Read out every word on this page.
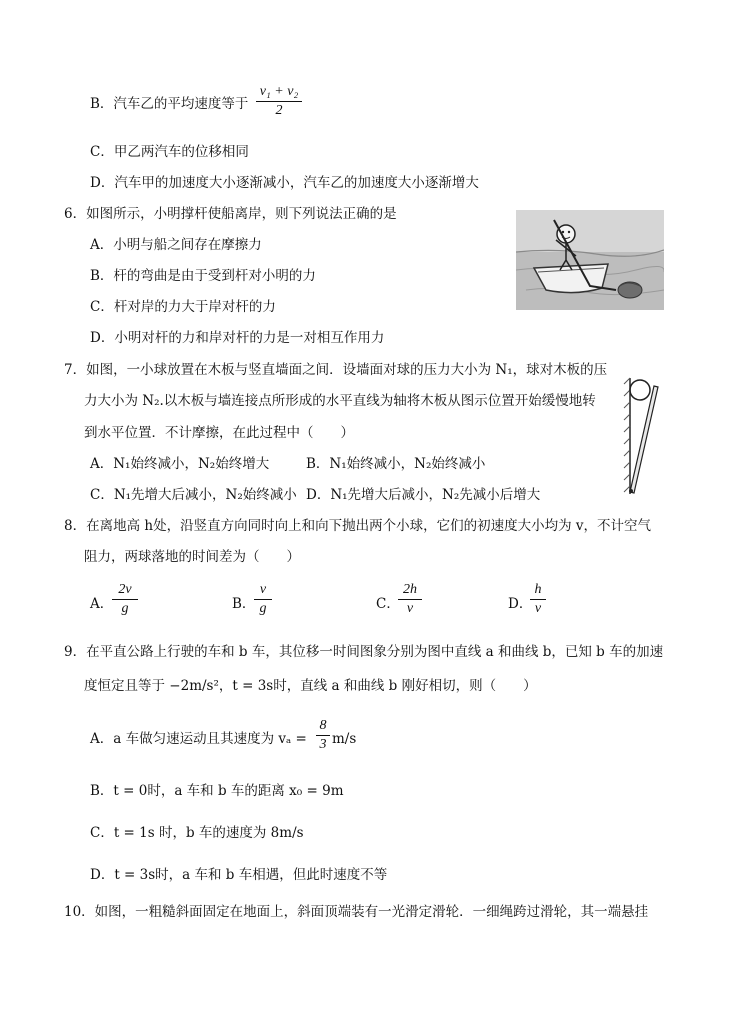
B．汽车乙的平均速度等于
v₁ + v₂
2
C．甲乙两汽车的位移相同
D．汽车甲的加速度大小逐渐减小，汽车乙的加速度大小逐渐增大
6．如图所示，小明撑杆使船离岸，则下列说法正确的是
A．小明与船之间存在摩擦力
B．杆的弯曲是由于受到杆对小明的力
C．杆对岸的力大于岸对杆的力
D．小明对杆的力和岸对杆的力是一对相互作用力
7．如图，一小球放置在木板与竖直墙面之间．设墙面对球的压力大小为 N₁，球对木板的压
力大小为 N₂.以木板与墙连接点所形成的水平直线为轴将木板从图示位置开始缓慢地转
到水平位置．不计摩擦，在此过程中（　　）
A．N₁始终减小，N₂始终增大	B．N₁始终减小，N₂始终减小
C．N₁先增大后减小，N₂始终减小 D．N₁先增大后减小，N₂先减小后增大
8．在离地高 h处，沿竖直方向同时向上和向下抛出两个小球，它们的初速度大小均为 v，不计空气
阻力，两球落地的时间差为（　　）
A．
2v
g	B．
v
g	C．
2h
v	D．
h
v
9．在平直公路上行驶的车和 b 车，其位移一时间图象分别为图中直线 a 和曲线 b，已知 b 车的加速
度恒定且等于 −2m/s²，t = 3s时，直线 a 和曲线 b 刚好相切，则（　　）
A．a 车做匀速运动且其速度为 vₐ =
8
3 m/s
B．t = 0时，a 车和 b 车的距离 x₀ = 9m
C．t = 1s 时，b 车的速度为 8m/s
D．t = 3s时，a 车和 b 车相遇，但此时速度不等
10．如图，一粗糙斜面固定在地面上，斜面顶端装有一光滑定滑轮．一细绳跨过滑轮，其一端悬挂
